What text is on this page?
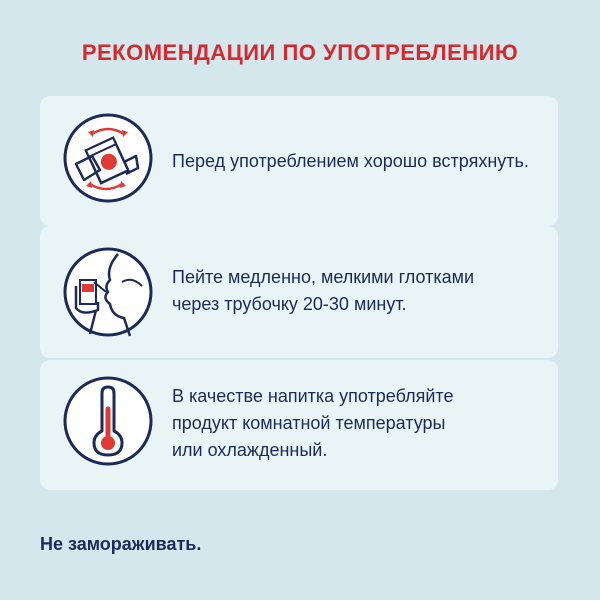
РЕКОМЕНДАЦИИ ПО УПОТРЕБЛЕНИЮ
Перед употреблением хорошо встряхнуть.
Пейте медленно, мелкими глотками
через трубочку 20-30 минут.
В качестве напитка употребляйте
продукт комнатной температуры
или охлажденный.
Не замораживать.
